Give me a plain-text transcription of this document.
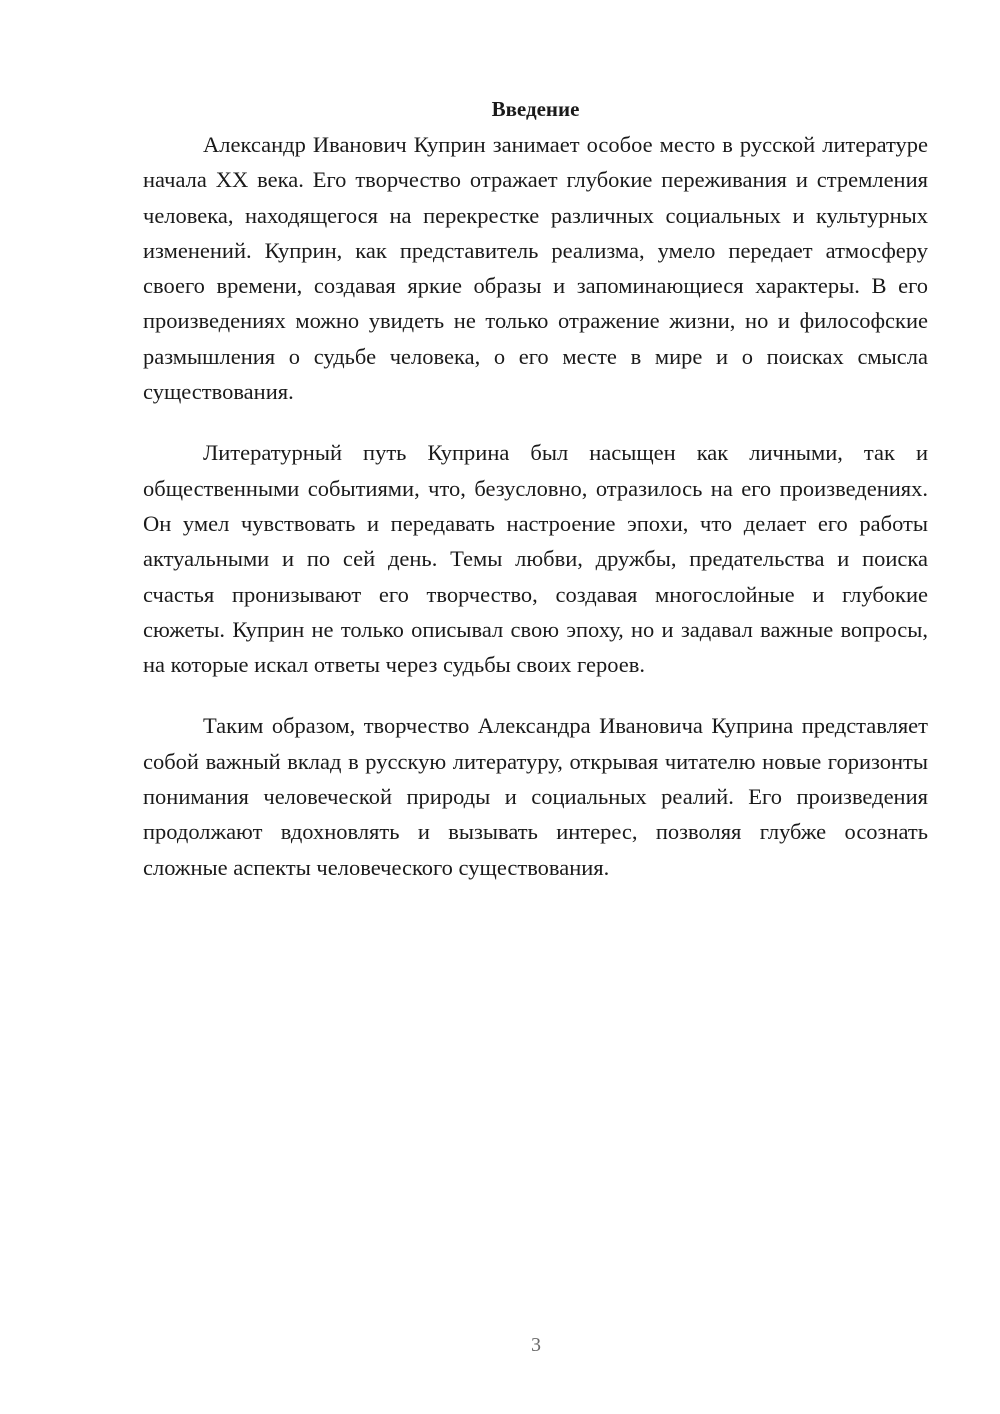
Введение

Александр Иванович Куприн занимает особое место в русской литературе начала XX века. Его творчество отражает глубокие переживания и стремления человека, находящегося на перекрестке различных социальных и культурных изменений. Куприн, как представитель реализма, умело передает атмосферу своего времени, создавая яркие образы и запоминающиеся характеры. В его произведениях можно увидеть не только отражение жизни, но и философские размышления о судьбе человека, о его месте в мире и о поисках смысла существования.

Литературный путь Куприна был насыщен как личными, так и общественными событиями, что, безусловно, отразилось на его произведениях. Он умел чувствовать и передавать настроение эпохи, что делает его работы актуальными и по сей день. Темы любви, дружбы, предательства и поиска счастья пронизывают его творчество, создавая многослойные и глубокие сюжеты. Куприн не только описывал свою эпоху, но и задавал важные вопросы, на которые искал ответы через судьбы своих героев.

Таким образом, творчество Александра Ивановича Куприна представляет собой важный вклад в русскую литературу, открывая читателю новые горизонты понимания человеческой природы и социальных реалий. Его произведения продолжают вдохновлять и вызывать интерес, позволяя глубже осознать сложные аспекты человеческого существования.

3
